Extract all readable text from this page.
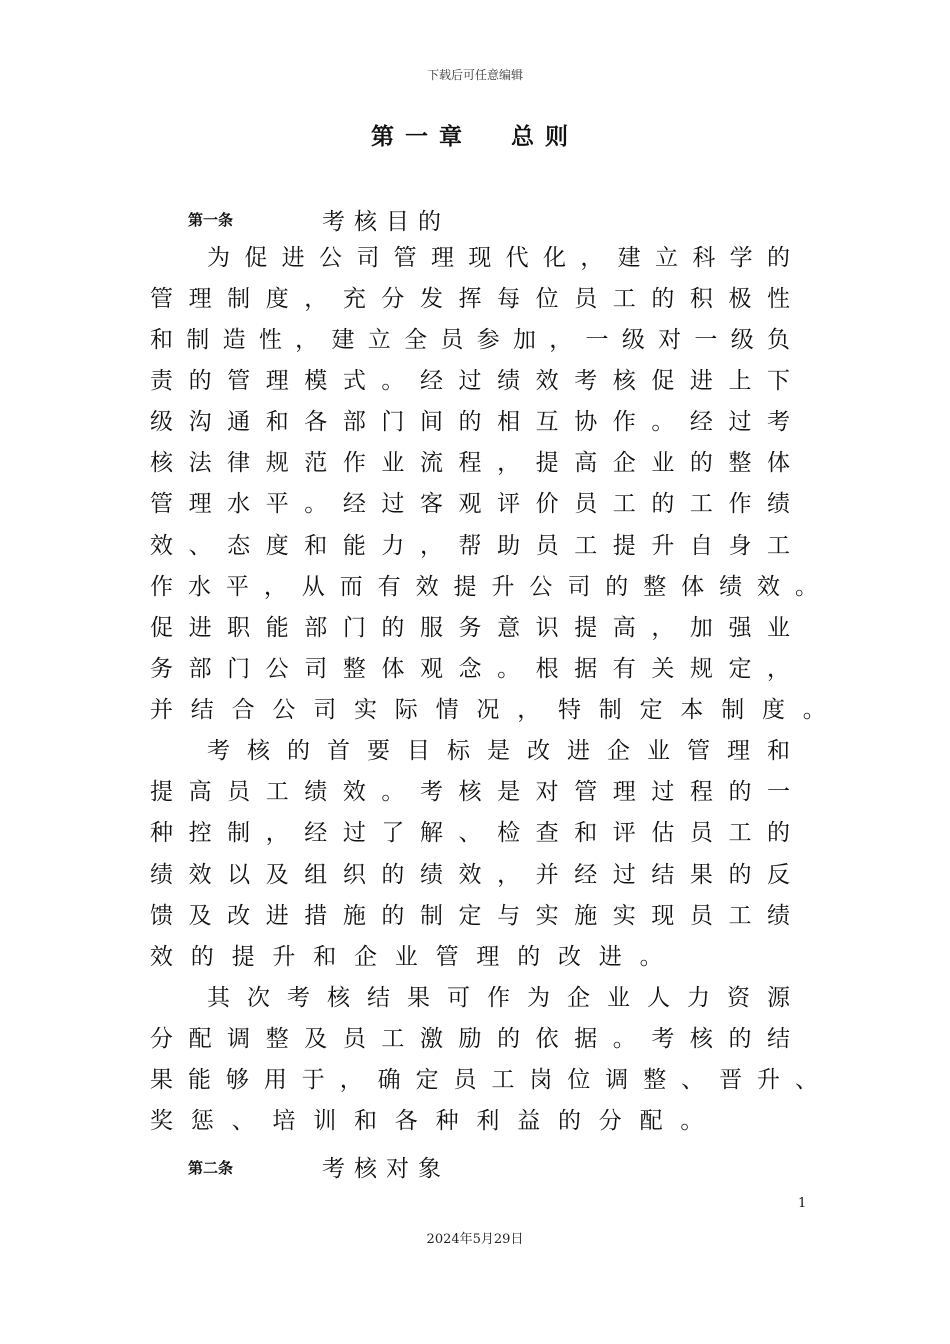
下载后可任意编辑
第一章  总则
第一条	考核目的
为促进公司管理现代化，建立科学的
管理制度，充分发挥每位员工的积极性
和制造性，建立全员参加，一级对一级负
责的管理模式。经过绩效考核促进上下
级沟通和各部门间的相互协作。经过考
核法律规范作业流程，提高企业的整体
管理水平。经过客观评价员工的工作绩
效、态度和能力，帮助员工提升自身工
作水平，从而有效提升公司的整体绩效。
促进职能部门的服务意识提高，加强业
务部门公司整体观念。根据有关规定，
并结合公司实际情况，特制定本制度。
考核的首要目标是改进企业管理和
提高员工绩效。考核是对管理过程的一
种控制，经过了解、检查和评估员工的
绩效以及组织的绩效，并经过结果的反
馈及改进措施的制定与实施实现员工绩
效的提升和企业管理的改进。
其次考核结果可作为企业人力资源
分配调整及员工激励的依据。考核的结
果能够用于，确定员工岗位调整、晋升、
奖惩、培训和各种利益的分配。
第二条	考核对象
1
2024年5月29日
